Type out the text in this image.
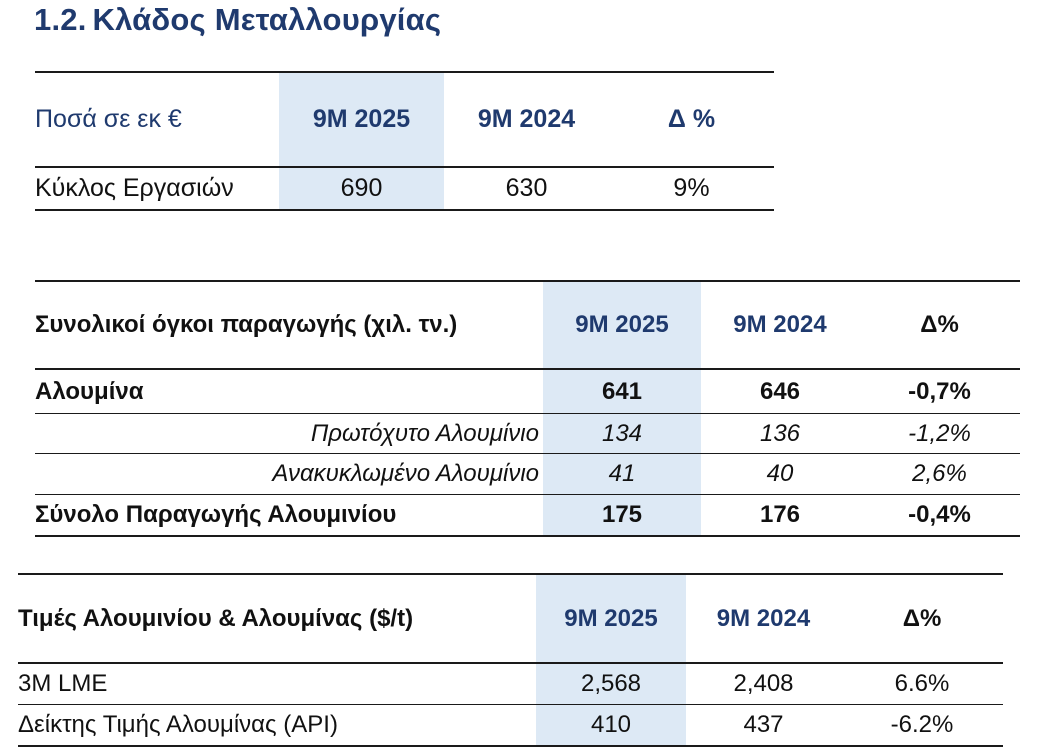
1.2. Κλάδος Μεταλλουργίας
Ποσά σε εκ €	9M 2025	9M 2024	Δ %
Κύκλος Εργασιών	690	630	9%
Συνολικοί όγκοι παραγωγής (χιλ. τν.)	9M 2025	9M 2024	Δ%
Αλουμίνα	641	646	-0,7%
Πρωτόχυτο Αλουμίνιο	134	136	-1,2%
Ανακυκλωμένο Αλουμίνιο	41	40	2,6%
Σύνολο Παραγωγής Αλουμινίου	175	176	-0,4%
Τιμές Αλουμινίου & Αλουμίνας ($/t)	9M 2025	9M 2024	Δ%
3M LME	2,568	2,408	6.6%
Δείκτης Τιμής Αλουμίνας (API)	410	437	-6.2%
